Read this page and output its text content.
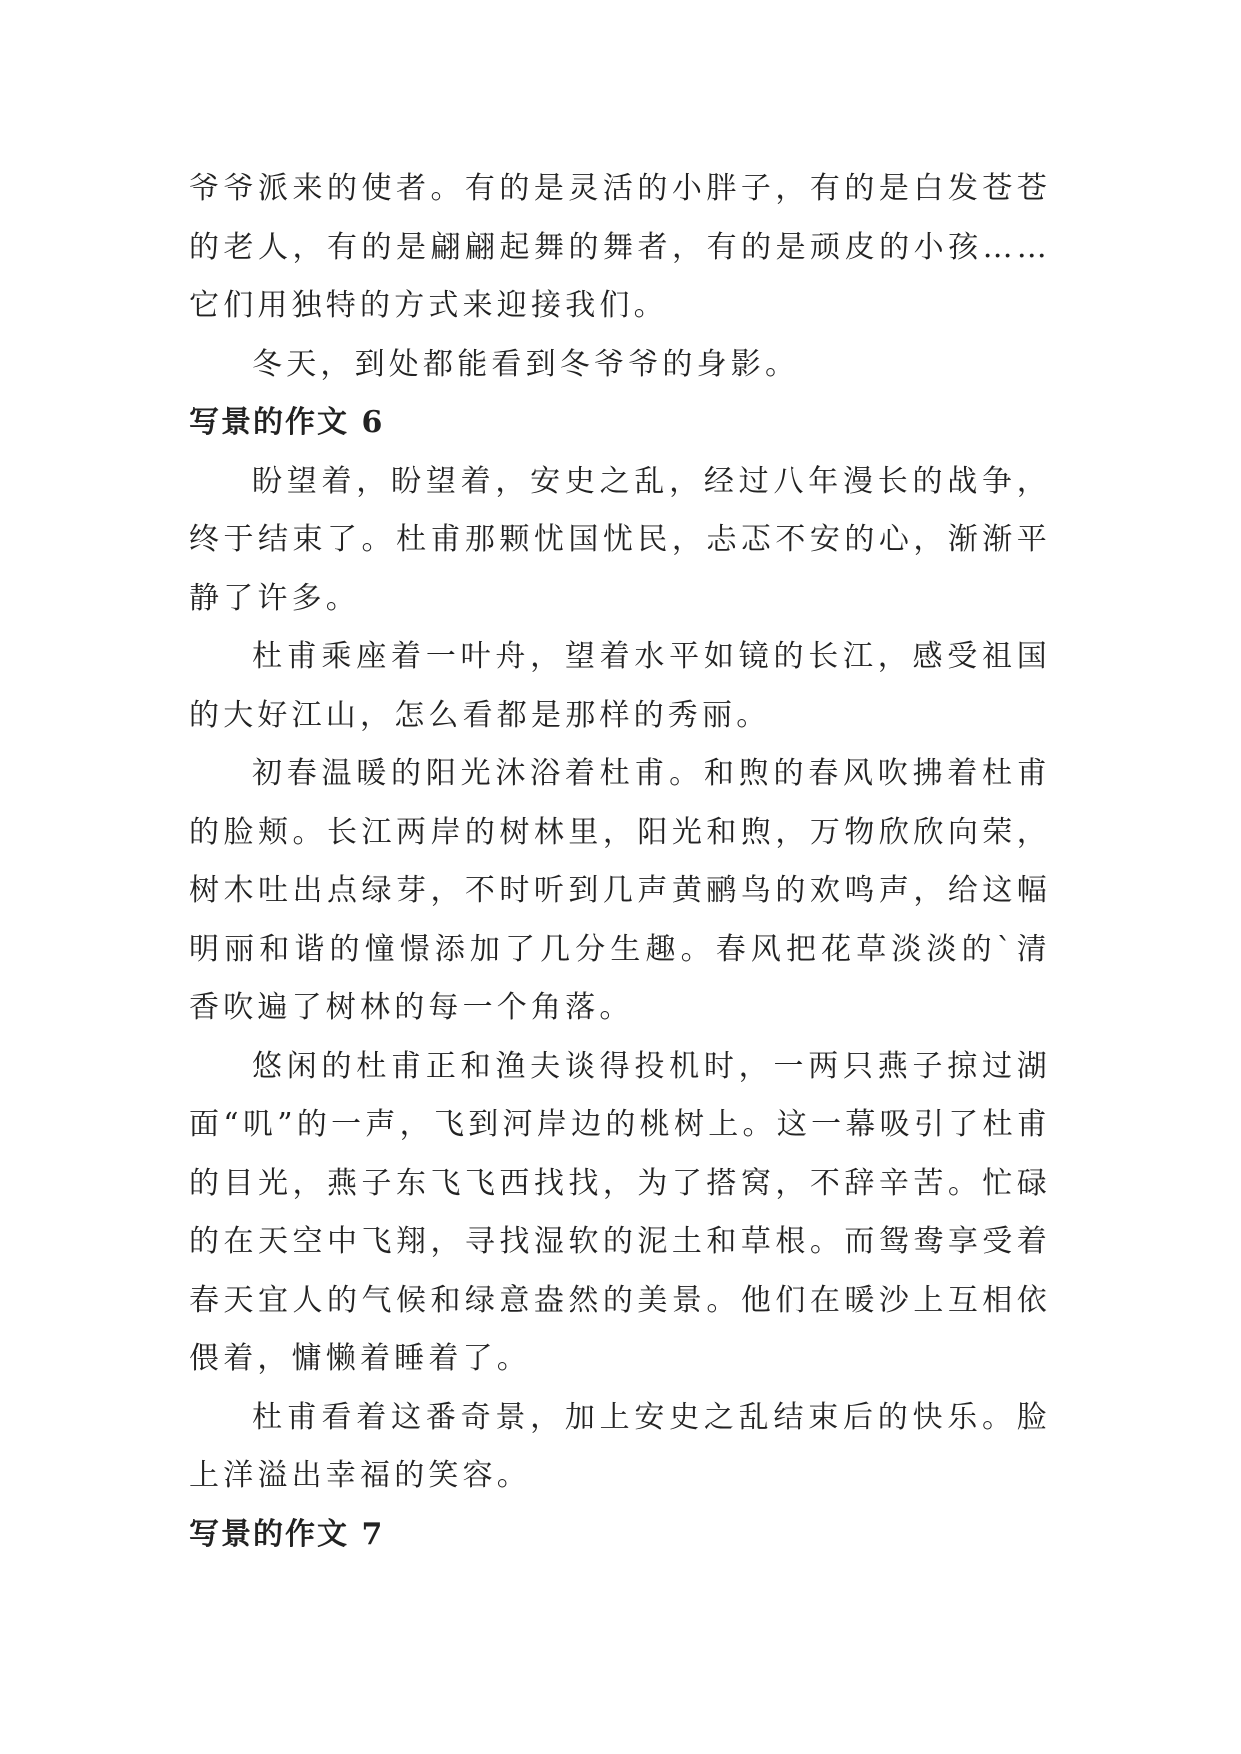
爷爷派来的使者。有的是灵活的小胖子，有的是白发苍苍的老人，有的是翩翩起舞的舞者，有的是顽皮的小孩……它们用独特的方式来迎接我们。

冬天，到处都能看到冬爷爷的身影。

写景的作文 6

盼望着，盼望着，安史之乱，经过八年漫长的战争，终于结束了。杜甫那颗忧国忧民，忐忑不安的心，渐渐平静了许多。

杜甫乘座着一叶舟，望着水平如镜的长江，感受祖国的大好江山，怎么看都是那样的秀丽。

初春温暖的阳光沐浴着杜甫。和煦的春风吹拂着杜甫的脸颊。长江两岸的树林里，阳光和煦，万物欣欣向荣，树木吐出点绿芽，不时听到几声黄鹂鸟的欢鸣声，给这幅明丽和谐的憧憬添加了几分生趣。春风把花草淡淡的`清香吹遍了树林的每一个角落。

悠闲的杜甫正和渔夫谈得投机时，一两只燕子掠过湖面“叽”的一声，飞到河岸边的桃树上。这一幕吸引了杜甫的目光，燕子东飞飞西找找，为了搭窝，不辞辛苦。忙碌的在天空中飞翔，寻找湿软的泥土和草根。而鸳鸯享受着春天宜人的气候和绿意盎然的美景。他们在暖沙上互相依偎着，慵懒着睡着了。

杜甫看着这番奇景，加上安史之乱结束后的快乐。脸上洋溢出幸福的笑容。

写景的作文 7
